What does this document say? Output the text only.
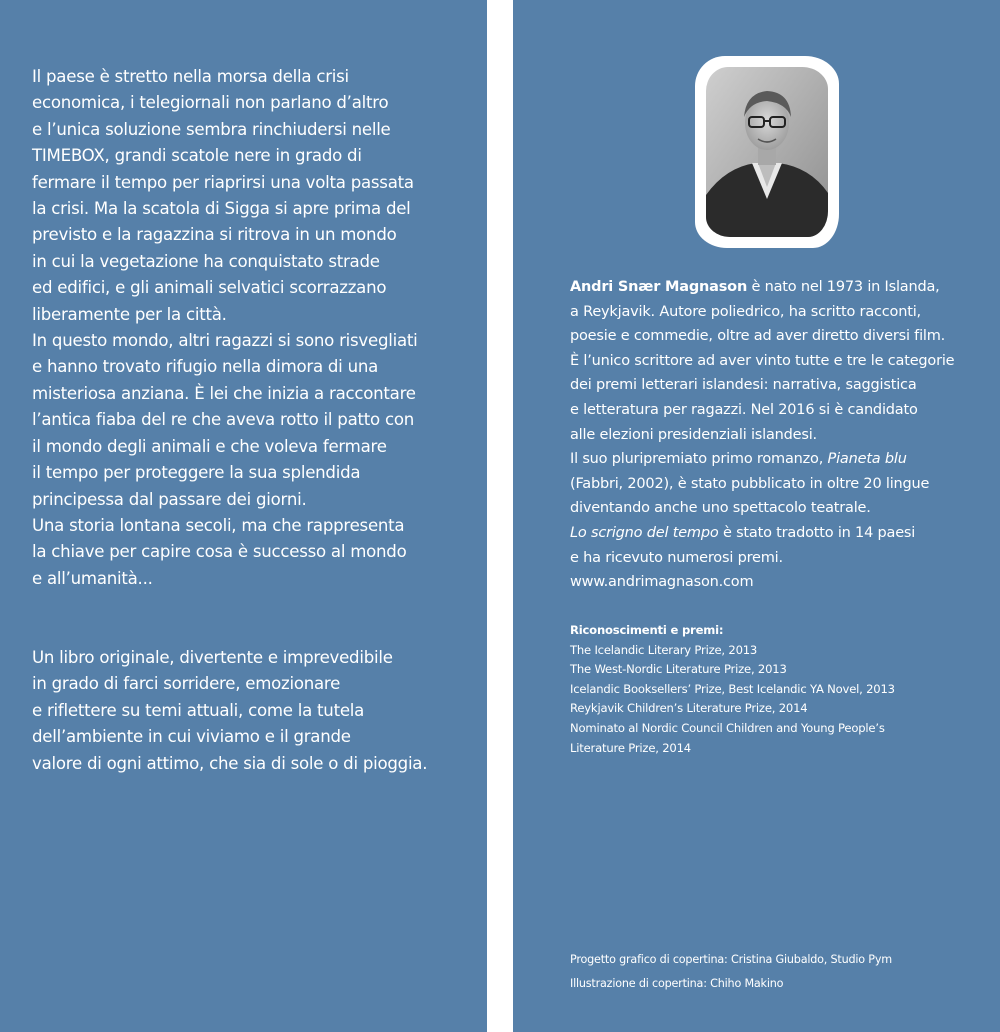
Il paese è stretto nella morsa della crisi
economica, i telegiornali non parlano d’altro
e l’unica soluzione sembra rinchiudersi nelle
TIMEBOX, grandi scatole nere in grado di
fermare il tempo per riaprirsi una volta passata
la crisi. Ma la scatola di Sigga si apre prima del
previsto e la ragazzina si ritrova in un mondo
in cui la vegetazione ha conquistato strade
ed edifici, e gli animali selvatici scorrazzano
liberamente per la città.
In questo mondo, altri ragazzi si sono risvegliati
e hanno trovato rifugio nella dimora di una
misteriosa anziana. È lei che inizia a raccontare
l’antica fiaba del re che aveva rotto il patto con
il mondo degli animali e che voleva fermare
il tempo per proteggere la sua splendida
principessa dal passare dei giorni.
Una storia lontana secoli, ma che rappresenta
la chiave per capire cosa è successo al mondo
e all’umanità...

Un libro originale, divertente e imprevedibile
in grado di farci sorridere, emozionare
e riflettere su temi attuali, come la tutela
dell’ambiente in cui viviamo e il grande
valore di ogni attimo, che sia di sole o di pioggia.

Andri Snær Magnason è nato nel 1973 in Islanda,
a Reykjavik. Autore poliedrico, ha scritto racconti,
poesie e commedie, oltre ad aver diretto diversi film.
È l’unico scrittore ad aver vinto tutte e tre le categorie
dei premi letterari islandesi: narrativa, saggistica
e letteratura per ragazzi. Nel 2016 si è candidato
alle elezioni presidenziali islandesi.
Il suo pluripremiato primo romanzo, Pianeta blu
(Fabbri, 2002), è stato pubblicato in oltre 20 lingue
diventando anche uno spettacolo teatrale.
Lo scrigno del tempo è stato tradotto in 14 paesi
e ha ricevuto numerosi premi.
www.andrimagnason.com

Riconoscimenti e premi:
The Icelandic Literary Prize, 2013
The West-Nordic Literature Prize, 2013
Icelandic Booksellers’ Prize, Best Icelandic YA Novel, 2013
Reykjavik Children’s Literature Prize, 2014
Nominato al Nordic Council Children and Young People’s
Literature Prize, 2014
Progetto grafico di copertina: Cristina Giubaldo, Studio Pym
Illustrazione di copertina: Chiho Makino
